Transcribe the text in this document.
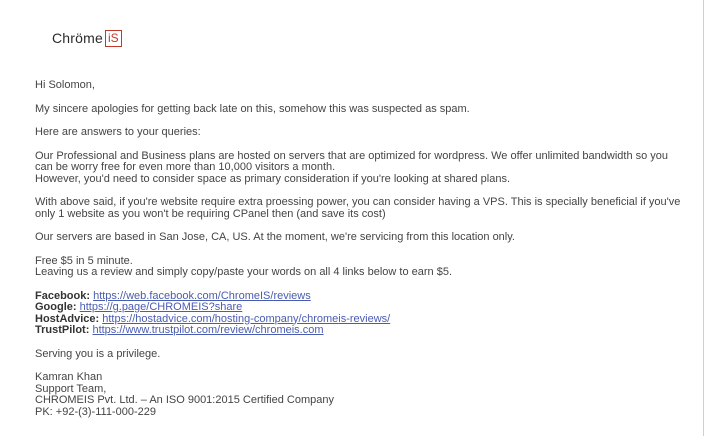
Chröme iS

Hi Solomon,

My sincere apologies for getting back late on this, somehow this was suspected as spam.

Here are answers to your queries:

Our Professional and Business plans are hosted on servers that are optimized for wordpress. We offer unlimited bandwidth so you can be worry free for even more than 10,000 visitors a month.
However, you'd need to consider space as primary consideration if you're looking at shared plans.

With above said, if you're website require extra proessing power, you can consider having a VPS. This is specially beneficial if you've only 1 website as you won't be requiring CPanel then (and save its cost)

Our servers are based in San Jose, CA, US. At the moment, we're servicing from this location only.

Free $5 in 5 minute.
Leaving us a review and simply copy/paste your words on all 4 links below to earn $5.

Facebook: https://web.facebook.com/ChromeIS/reviews
Google: https://g.page/CHROMEIS?share
HostAdvice: https://hostadvice.com/hosting-company/chromeis-reviews/
TrustPilot: https://www.trustpilot.com/review/chromeis.com

Serving you is a privilege.

Kamran Khan
Support Team,
CHROMEIS Pvt. Ltd. – An ISO 9001:2015 Certified Company
PK: +92-(3)-111-000-229
